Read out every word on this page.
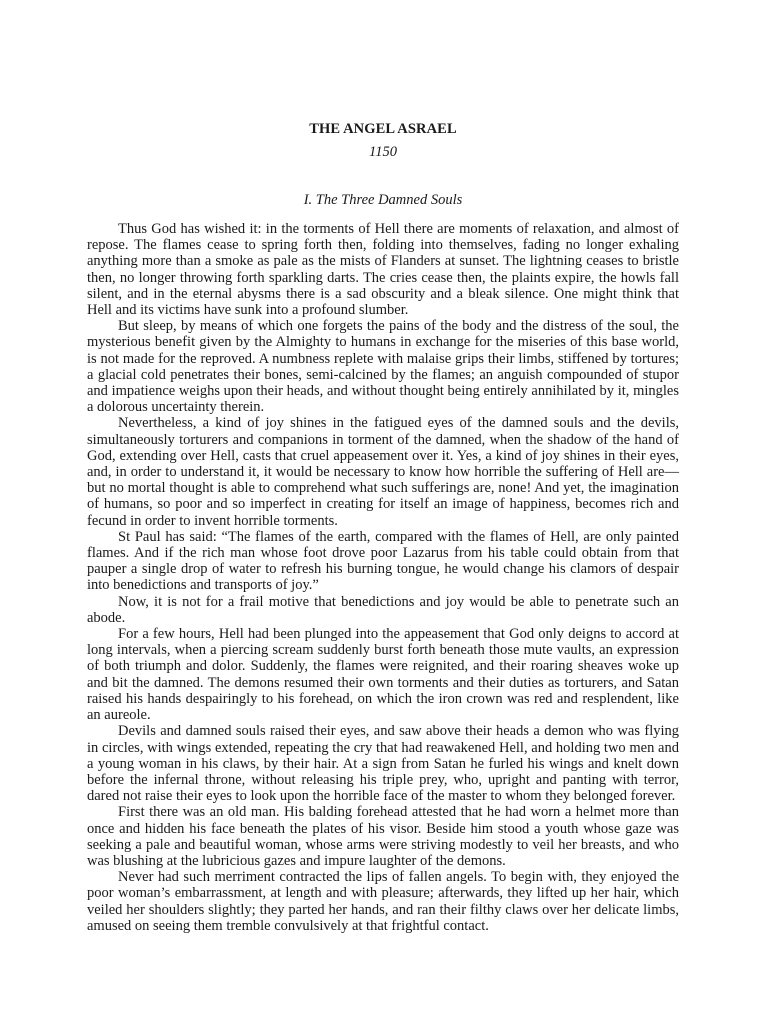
THE ANGEL ASRAEL

1150

I. The Three Damned Souls

Thus God has wished it: in the torments of Hell there are moments of relaxation, and almost of repose. The flames cease to spring forth then, folding into themselves, fading no longer exhaling anything more than a smoke as pale as the mists of Flanders at sunset. The lightning ceases to bristle then, no longer throwing forth sparkling darts. The cries cease then, the plaints expire, the howls fall silent, and in the eternal abysms there is a sad obscurity and a bleak silence. One might think that Hell and its victims have sunk into a profound slumber.

But sleep, by means of which one forgets the pains of the body and the distress of the soul, the mysterious benefit given by the Almighty to humans in exchange for the miseries of this base world, is not made for the reproved. A numbness replete with malaise grips their limbs, stiffened by tortures; a glacial cold penetrates their bones, semi-calcined by the flames; an anguish compounded of stupor and impatience weighs upon their heads, and without thought being entirely annihilated by it, mingles a dolorous uncertainty therein.

Nevertheless, a kind of joy shines in the fatigued eyes of the damned souls and the devils, simultaneously torturers and companions in torment of the damned, when the shadow of the hand of God, extending over Hell, casts that cruel appeasement over it. Yes, a kind of joy shines in their eyes, and, in order to understand it, it would be necessary to know how horrible the suffering of Hell are—but no mortal thought is able to comprehend what such sufferings are, none! And yet, the imagination of humans, so poor and so imperfect in creating for itself an image of happiness, becomes rich and fecund in order to invent horrible torments.

St Paul has said: “The flames of the earth, compared with the flames of Hell, are only painted flames. And if the rich man whose foot drove poor Lazarus from his table could obtain from that pauper a single drop of water to refresh his burning tongue, he would change his clamors of despair into benedictions and transports of joy.”

Now, it is not for a frail motive that benedictions and joy would be able to penetrate such an abode.

For a few hours, Hell had been plunged into the appeasement that God only deigns to accord at long intervals, when a piercing scream suddenly burst forth beneath those mute vaults, an expression of both triumph and dolor. Suddenly, the flames were reignited, and their roaring sheaves woke up and bit the damned. The demons resumed their own torments and their duties as torturers, and Satan raised his hands despairingly to his forehead, on which the iron crown was red and resplendent, like an aureole.

Devils and damned souls raised their eyes, and saw above their heads a demon who was flying in circles, with wings extended, repeating the cry that had reawakened Hell, and holding two men and a young woman in his claws, by their hair. At a sign from Satan he furled his wings and knelt down before the infernal throne, without releasing his triple prey, who, upright and panting with terror, dared not raise their eyes to look upon the horrible face of the master to whom they belonged forever.

First there was an old man. His balding forehead attested that he had worn a helmet more than once and hidden his face beneath the plates of his visor. Beside him stood a youth whose gaze was seeking a pale and beautiful woman, whose arms were striving modestly to veil her breasts, and who was blushing at the lubricious gazes and impure laughter of the demons.

Never had such merriment contracted the lips of fallen angels. To begin with, they enjoyed the poor woman’s embarrassment, at length and with pleasure; afterwards, they lifted up her hair, which veiled her shoulders slightly; they parted her hands, and ran their filthy claws over her delicate limbs, amused on seeing them tremble convulsively at that frightful contact.
